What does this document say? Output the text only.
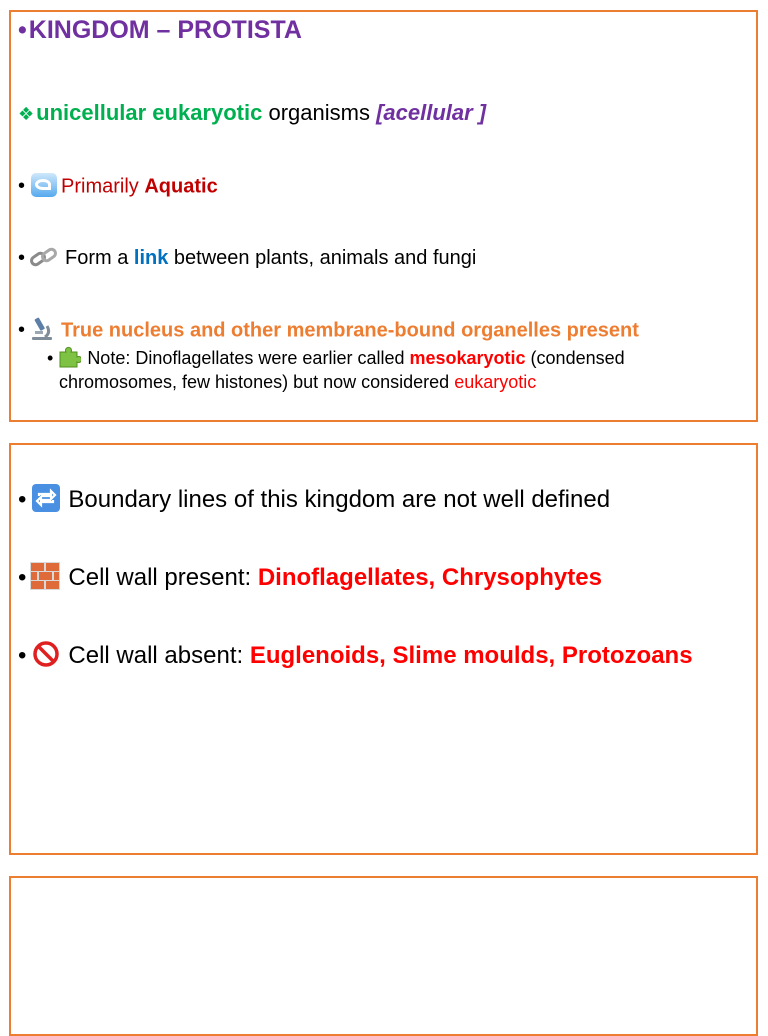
•KINGDOM – PROTISTA
❖unicellular eukaryotic organisms [acellular ]
• Primarily Aquatic
• Form a link between plants, animals and fungi
• True nucleus and other membrane-bound organelles present
• Note: Dinoflagellates were earlier called mesokaryotic (condensed
chromosomes, few histones) but now considered eukaryotic
• Boundary lines of this kingdom are not well defined
• Cell wall present: Dinoflagellates, Chrysophytes
• Cell wall absent: Euglenoids, Slime moulds, Protozoans
